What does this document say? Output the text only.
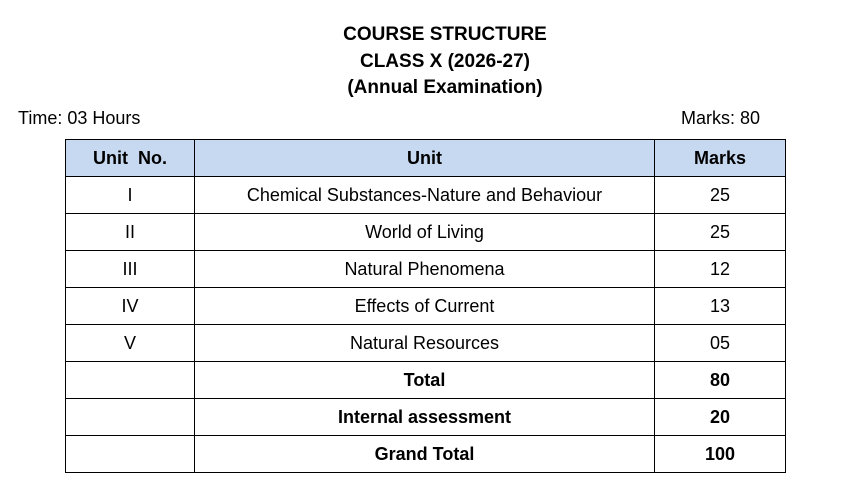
COURSE STRUCTURE
CLASS X (2026-27)
(Annual Examination)
Time: 03 Hours	Marks: 80
Unit  No.	Unit	Marks
I	Chemical Substances-Nature and Behaviour	25
II	World of Living	25
III	Natural Phenomena	12
IV	Effects of Current	13
V	Natural Resources	05
	Total	80
	Internal assessment	20
	Grand Total	100
